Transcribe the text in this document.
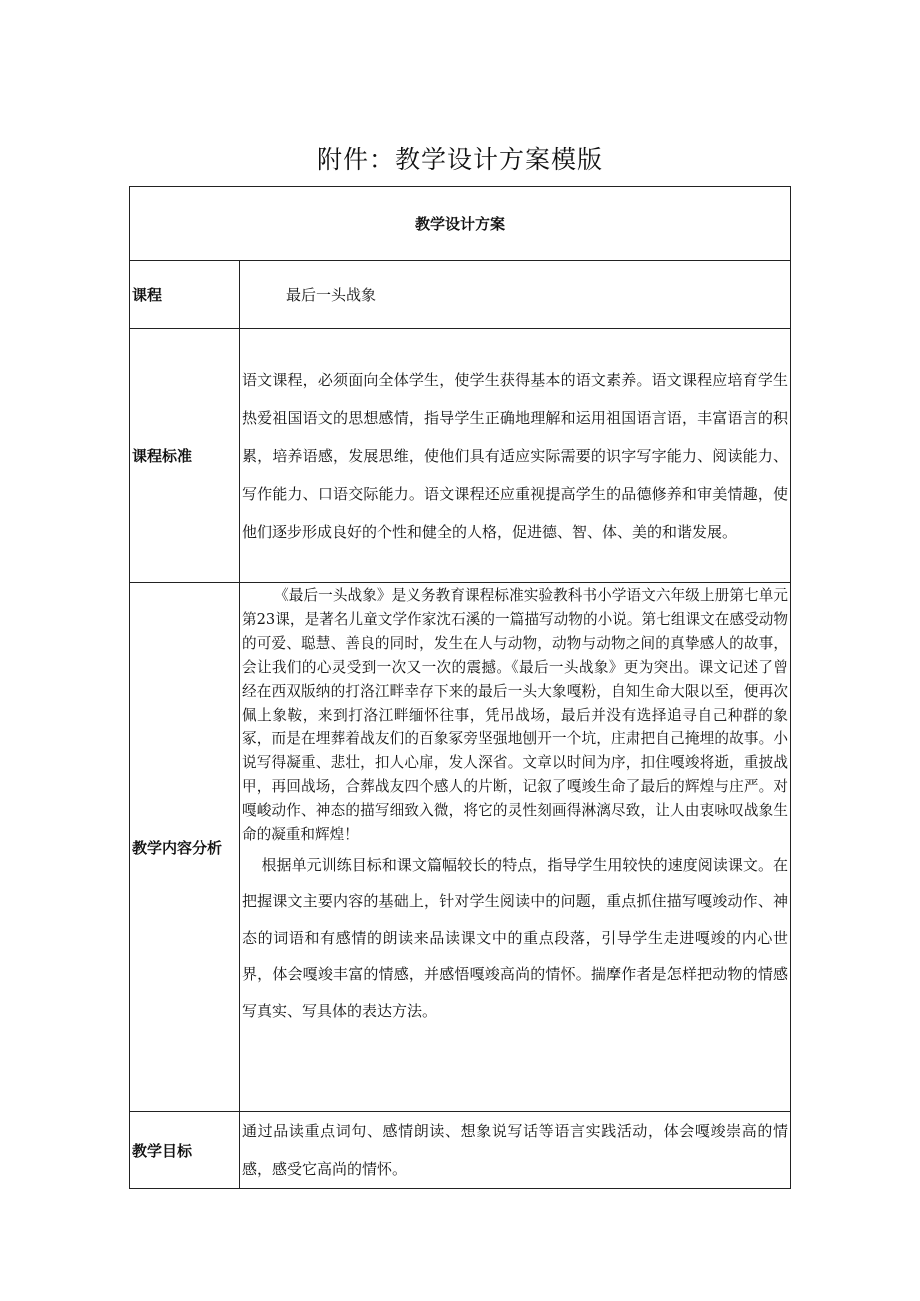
附件：教学设计方案模版
教学设计方案	
课程	最后一头战象
课程标准	语文课程，必须面向全体学生，使学生获得基本的语文素养。语文课程应培育学生热爱祖国语文的思想感情，指导学生正确地理解和运用祖国语言语，丰富语言的积累，培养语感，发展思维，使他们具有适应实际需要的识字写字能力、阅读能力、写作能力、口语交际能力。语文课程还应重视提高学生的品德修养和审美情趣，使他们逐步形成良好的个性和健全的人格，促进德、智、体、美的和谐发展。
教学内容分析	《最后一头战象》是义务教育课程标准实验教科书小学语文六年级上册第七单元第23课，是著名儿童文学作家沈石溪的一篇描写动物的小说。第七组课文在感受动物的可爱、聪慧、善良的同时，发生在人与动物，动物与动物之间的真挚感人的故事，会让我们的心灵受到一次又一次的震撼。《最后一头战象》更为突出。课文记述了曾经在西双版纳的打洛江畔幸存下来的最后一头大象嘎粉，自知生命大限以至，便再次佩上象鞍，来到打洛江畔缅怀往事，凭吊战场，最后并没有选择追寻自己种群的象冢，而是在埋葬着战友们的百象冢旁坚强地刨开一个坑，庄肃把自己掩埋的故事。小说写得凝重、悲壮，扣人心扉，发人深省。文章以时间为序，扣住嘎竣将逝，重披战甲，再回战场，合葬战友四个感人的片断，记叙了嘎竣生命了最后的辉煌与庄严。对嘎峻动作、神态的描写细致入微，将它的灵性刻画得淋漓尽致，让人由衷咏叹战象生命的凝重和辉煌！

根据单元训练目标和课文篇幅较长的特点，指导学生用较快的速度阅读课文。在把握课文主要内容的基础上，针对学生阅读中的问题，重点抓住描写嘎竣动作、神态的词语和有感情的朗读来品读课文中的重点段落，引导学生走进嘎竣的内心世界，体会嘎竣丰富的情感，并感悟嘎竣高尚的情怀。揣摩作者是怎样把动物的情感写真实、写具体的表达方法。

教学目标	通过品读重点词句、感情朗读、想象说写话等语言实践活动，体会嘎竣崇高的情感，感受它高尚的情怀。
